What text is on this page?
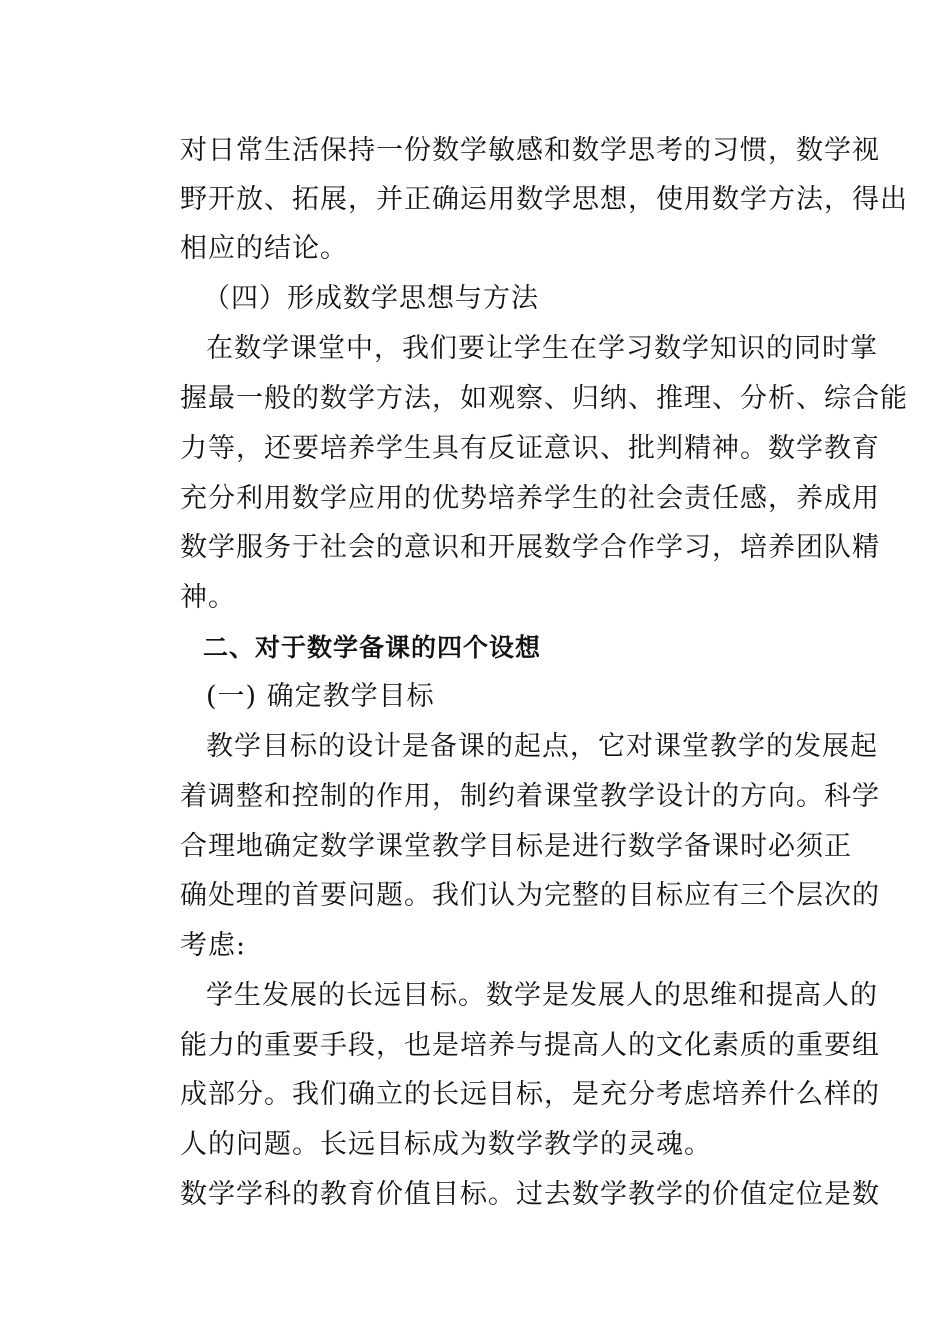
对日常生活保持一份数学敏感和数学思考的习惯，数学视
野开放、拓展，并正确运用数学思想，使用数学方法，得出
相应的结论。
（四）形成数学思想与方法
在数学课堂中，我们要让学生在学习数学知识的同时掌
握最一般的数学方法，如观察、归纳、推理、分析、综合能
力等，还要培养学生具有反证意识、批判精神。数学教育
充分利用数学应用的优势培养学生的社会责任感，养成用
数学服务于社会的意识和开展数学合作学习，培养团队精
神。
二、对于数学备课的四个设想
(一) 确定教学目标
教学目标的设计是备课的起点，它对课堂教学的发展起
着调整和控制的作用，制约着课堂教学设计的方向。科学
合理地确定数学课堂教学目标是进行数学备课时必须正
确处理的首要问题。我们认为完整的目标应有三个层次的
考虑:
学生发展的长远目标。数学是发展人的思维和提高人的
能力的重要手段，也是培养与提高人的文化素质的重要组
成部分。我们确立的长远目标，是充分考虑培养什么样的
人的问题。长远目标成为数学教学的灵魂。
数学学科的教育价值目标。过去数学教学的价值定位是数
